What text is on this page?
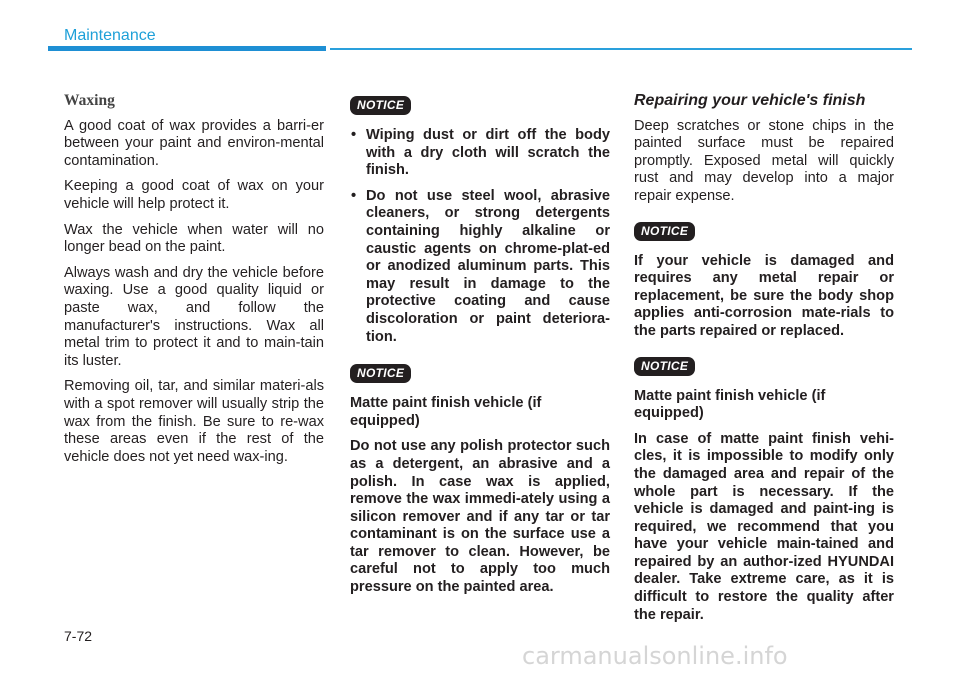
Maintenance

Waxing

A good coat of wax provides a barri-er between your paint and environ-mental contamination.

Keeping a good coat of wax on your vehicle will help protect it.

Wax the vehicle when water will no longer bead on the paint.

Always wash and dry the vehicle before waxing. Use a good quality liquid or paste wax, and follow the manufacturer's instructions. Wax all metal trim to protect it and to main-tain its luster.

Removing oil, tar, and similar materi-als with a spot remover will usually strip the wax from the finish. Be sure to re-wax these areas even if the rest of the vehicle does not yet need wax-ing.

NOTICE
• Wiping dust or dirt off the body with a dry cloth will scratch the finish.
• Do not use steel wool, abrasive cleaners, or strong detergents containing highly alkaline or caustic agents on chrome-plat-ed or anodized aluminum parts. This may result in damage to the protective coating and cause discoloration or paint deteriora-tion.
NOTICE

Matte paint finish vehicle (if equipped)

Do not use any polish protector such as a detergent, an abrasive and a polish. In case wax is applied, remove the wax immedi-ately using a silicon remover and if any tar or tar contaminant is on the surface use a tar remover to clean. However, be careful not to apply too much pressure on the painted area.

Repairing your vehicle's finish

Deep scratches or stone chips in the painted surface must be repaired promptly. Exposed metal will quickly rust and may develop into a major repair expense.

NOTICE

If your vehicle is damaged and requires any metal repair or replacement, be sure the body shop applies anti-corrosion mate-rials to the parts repaired or replaced.

NOTICE

Matte paint finish vehicle (if equipped)

In case of matte paint finish vehi-cles, it is impossible to modify only the damaged area and repair of the whole part is necessary. If the vehicle is damaged and paint-ing is required, we recommend that you have your vehicle main-tained and repaired by an author-ized HYUNDAI dealer. Take extreme care, as it is difficult to restore the quality after the repair.

7-72
carmanualsonline.info
